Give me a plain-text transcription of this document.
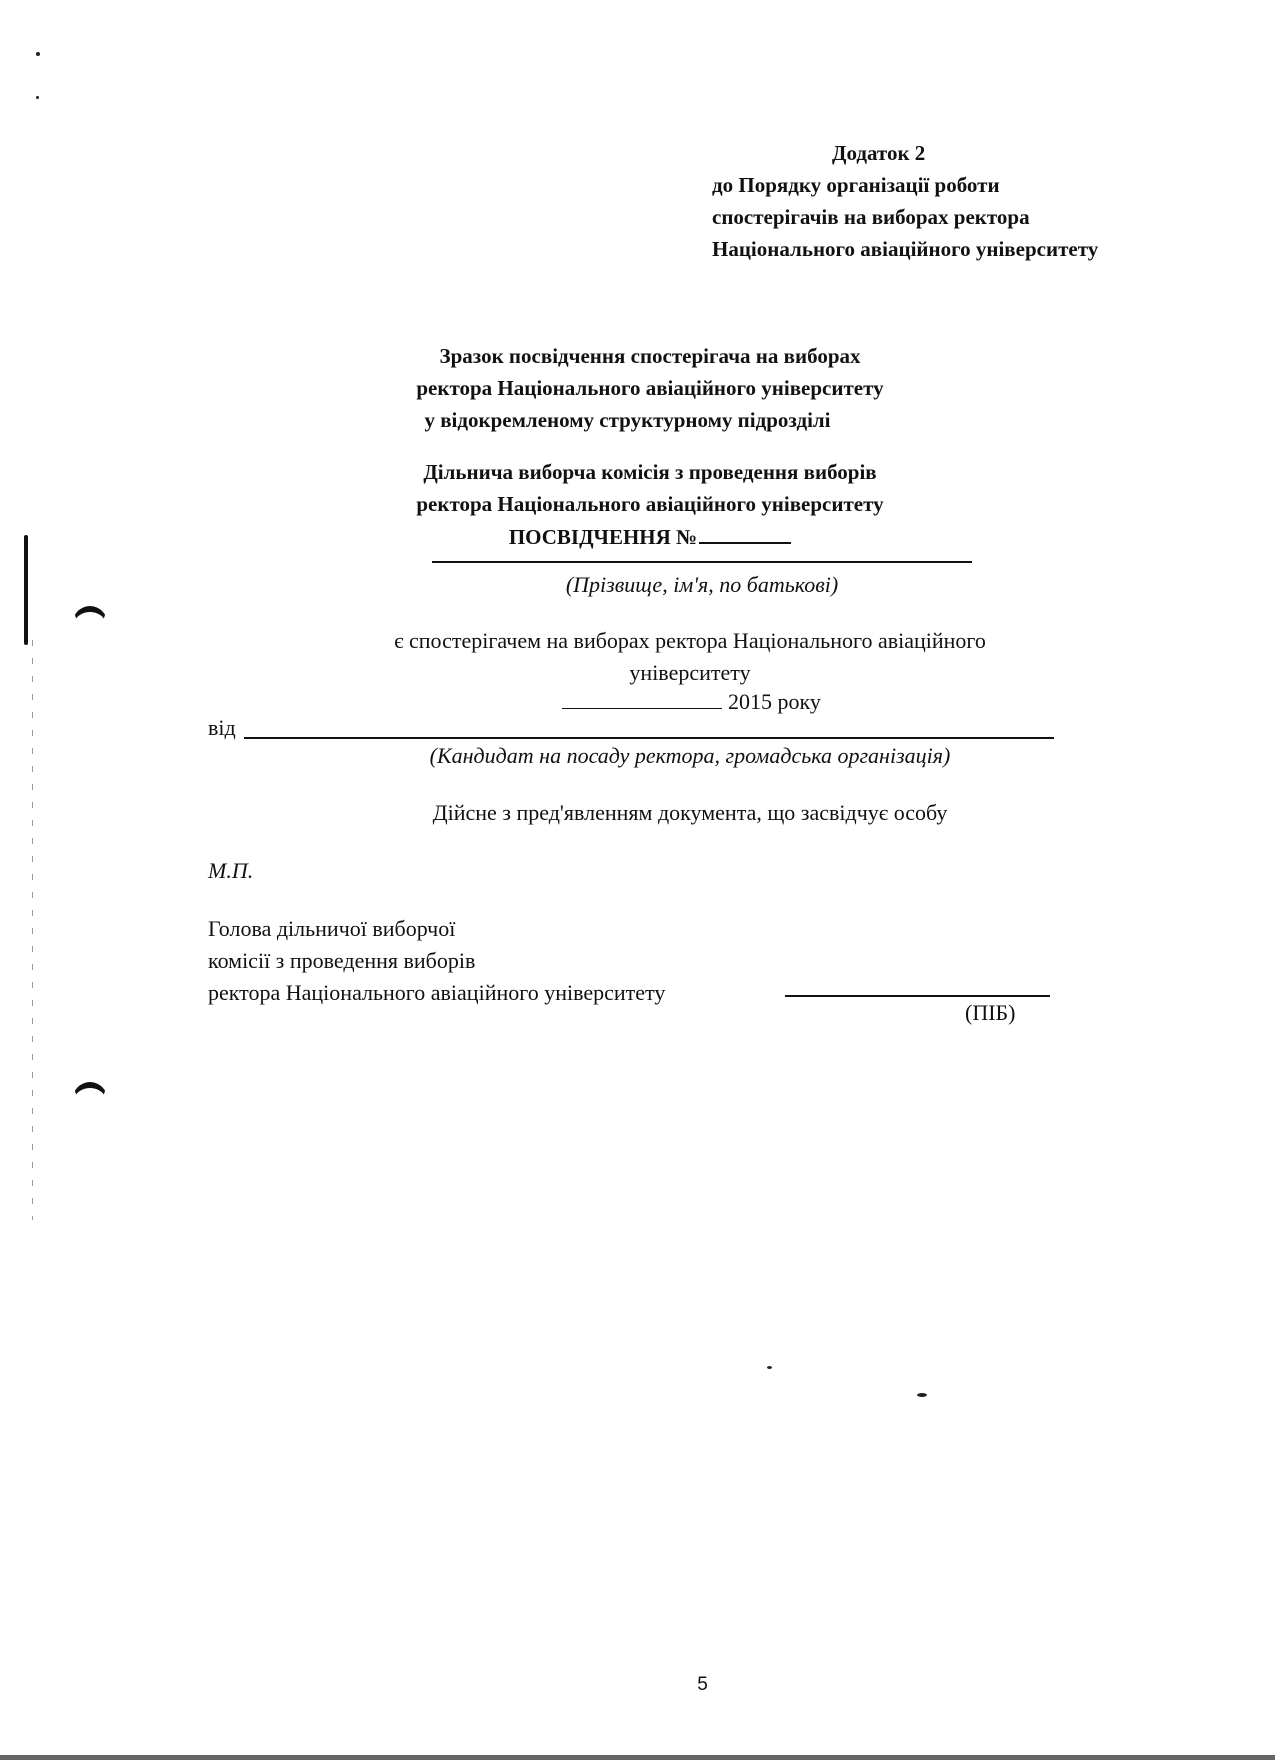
Додаток 2
до Порядку організації роботи
спостерігачів на виборах ректора
Національного авіаційного університету
Зразок посвідчення спостерігача на виборах
ректора Національного авіаційного університету
у відокремленому структурному підрозділі
Дільнича виборча комісія з проведення виборів
ректора Національного авіаційного університету
ПОСВІДЧЕННЯ №
(Прізвище, ім'я, по батькові)
є спостерігачем на виборах ректора Національного авіаційного
університету
2015 року
від
(Кандидат на посаду ректора, громадська організація)
Дійсне з пред'явленням документа, що засвідчує особу
М.П.
Голова дільничої виборчої
комісії з проведення виборів
ректора Національного авіаційного університету
(ПІБ)
5
